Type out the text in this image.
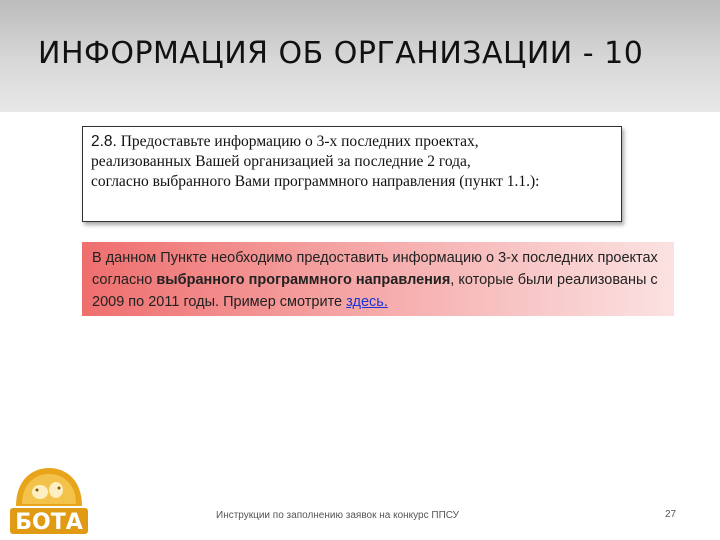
ИНФОРМАЦИЯ ОБ ОРГАНИЗАЦИИ - 10
2.8. Предоставьте информацию о 3-х последних проектах,
реализованных Вашей организацией за последние 2 года,
согласно выбранного Вами программного направления (пункт 1.1.):
В данном Пункте необходимо предоставить информацию о 3-х последних проектах согласно выбранного программного направления, которые были реализованы с 2009 по 2011 годы. Пример смотрите здесь.
БОТА	Инструкции по заполнению заявок на конкурс ППСУ	27
